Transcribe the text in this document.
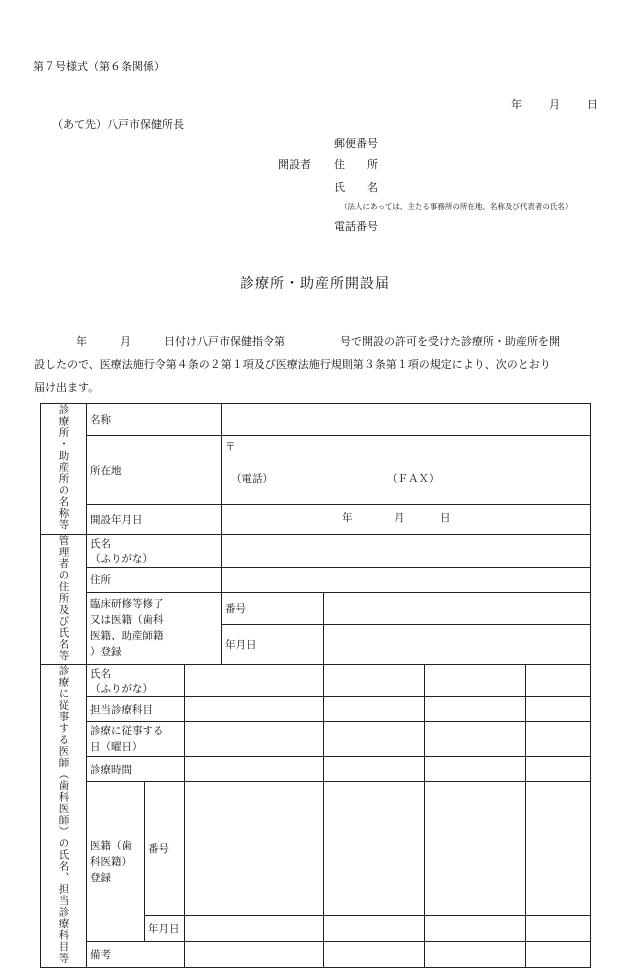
第７号様式（第６条関係）
年 月 日
（あて先）八戸市保健所長
郵便番号
開設者 住　　所
氏　　名
（法人にあっては、主たる事務所の所在地、名称及び代表者の氏名）
電話番号
診療所・助産所開設届
年　　　月　　　日付け八戸市保健指令第　　　　　号で開設の許可を受けた診療所・助産所を開
設したので、医療法施行令第４条の２第１項及び医療法施行規則第３条第１項の規定により、次のとおり
届け出ます。
診療所・助産所の名称等	名称						
	所在地			〒
（電話） （ＦＡＸ）			

	開設年月日			年 月 日			

管理者の住所及び氏名等	氏名
（ふりがな）						

	住所						

	臨床研修等修了
又は医籍（歯科
医籍、助産師籍
）登録			番号			
				年月日			
診療に従事する医師（歯科医師）の氏名、担当診療科目等	氏名
（ふりがな）						

	担当診療科目						

	診療に従事する
日（曜日）						

	診療時間						

	医籍（歯
科医籍）
登録	番号					
		年月日					
	備考						
